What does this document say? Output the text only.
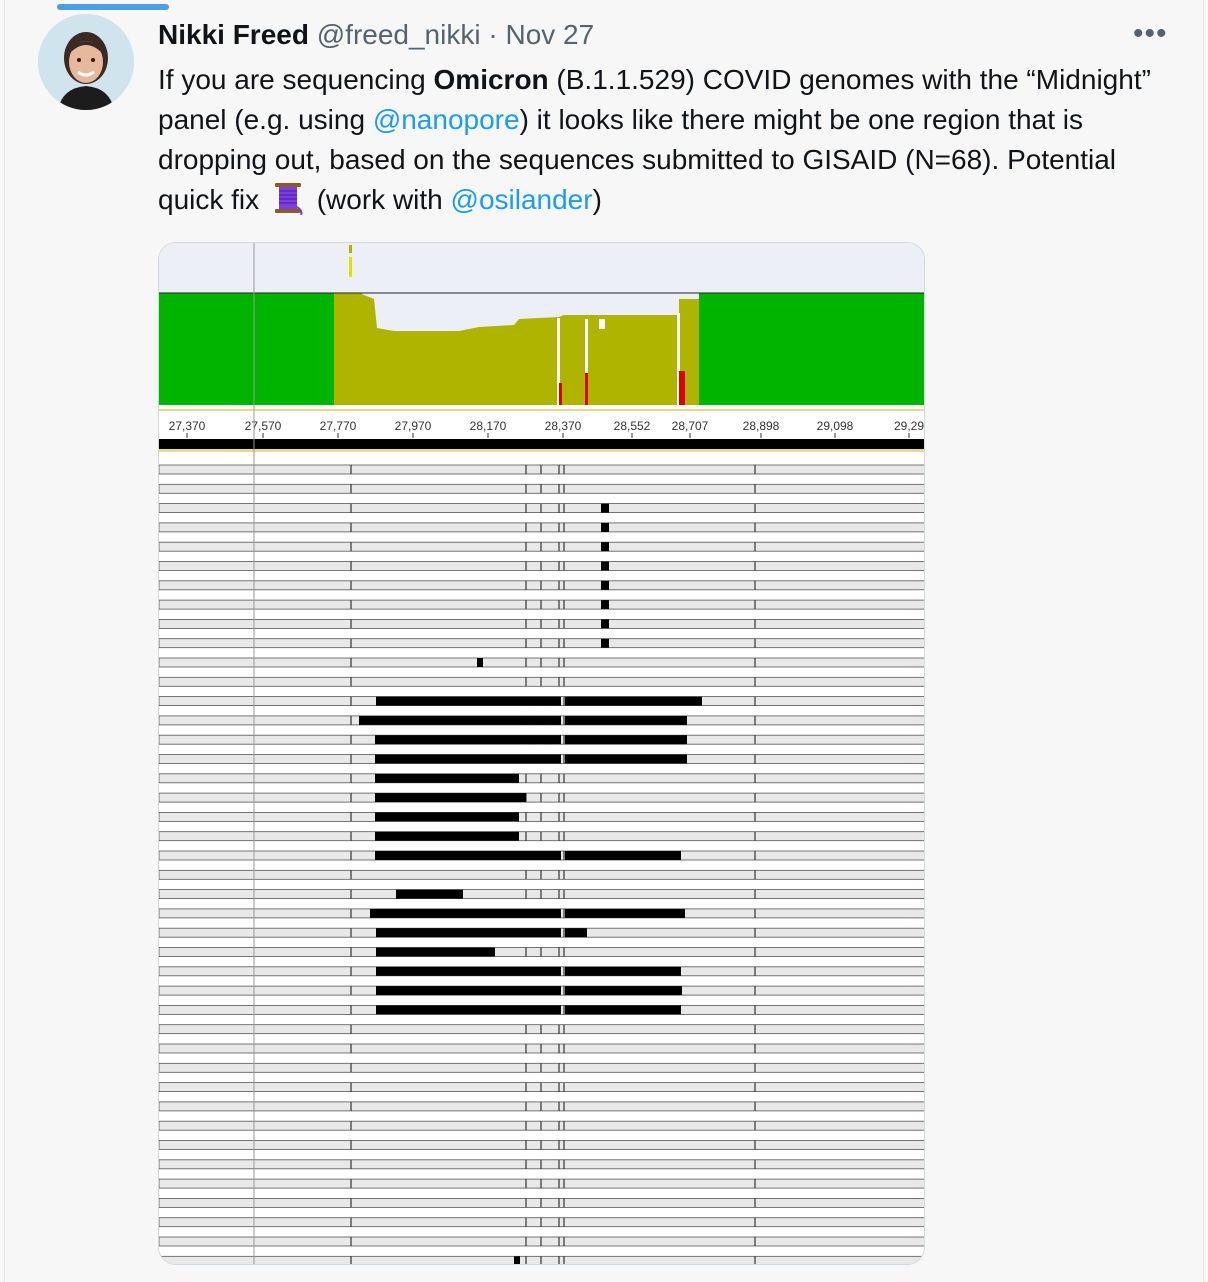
Nikki Freed @freed_nikki · Nov 27	•••
If you are sequencing Omicron (B.1.1.529) COVID genomes with the “Midnight” panel (e.g. using @nanopore) it looks like there might be one region that is dropping out, based on the sequences submitted to GISAID (N=68). Potential quick fix  (work with @osilander)
27,370	27,570	27,770	27,970	28,170	28,370	28,552 28,707	28,898	29,098	29,29
